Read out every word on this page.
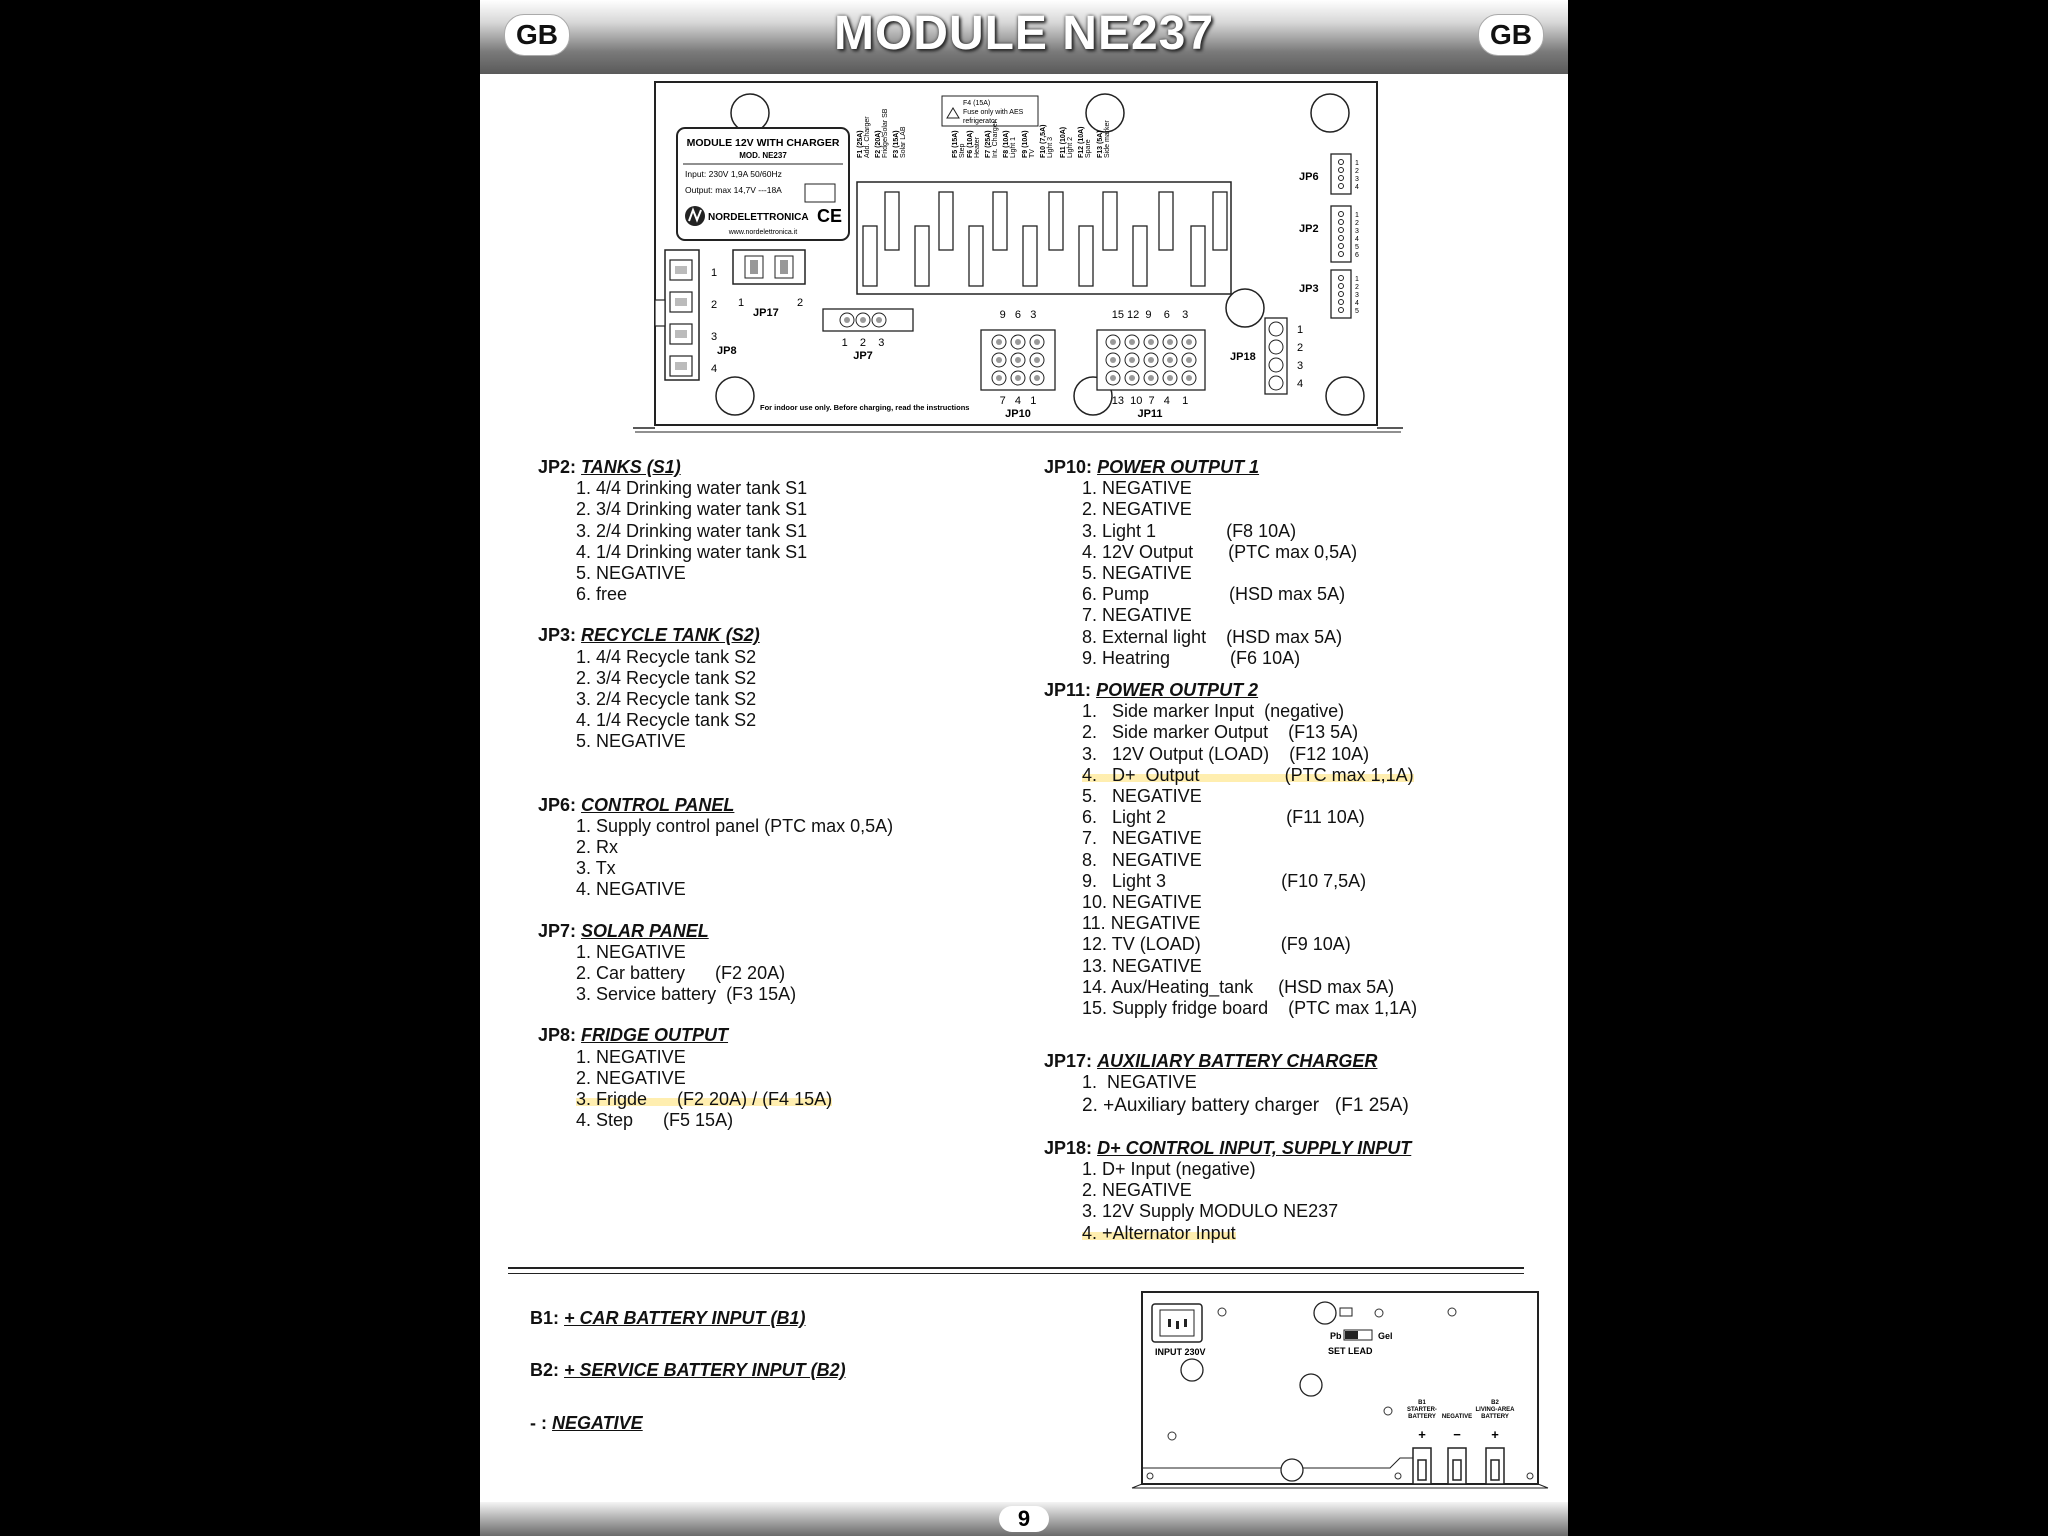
GB	MODULE NE237	GB
MODULE 12V WITH CHARGER
MOD. NE237
Input: 230V 1,9A 50/60Hz
Output: max 14,7V ---18A
NORDELETTRONICA CE
www.nordelettronica.it
F4 (15A)
Fuse only with AES
refrigerator
F1 (25A) Add. Charger F2 (20A) Fridge/Solar SB F3 (15A) Solar LAB	F5 (15A) Step F6 (10A) Heater F7 (25A) Int. Charger F8 (10A) Light 1 F9 (10A) TV F10 (7,5A) Light 3 F11 (10A) Light 2 F12 (10A) Spare F13 (5A) Side marker
JP6
JP2
JP3
1
2
3
4
1
2
3
4
5
6
1
2
3
4
5
1
2
3
4
JP8
1	2
JP17
1    2    3
JP7
9   6   3
7   4   1
JP10
15 12  9    6    3
13  10  7   4    1
JP11
JP18
1
2
3
4
For indoor use only. Before charging, read the instructions
JP2: TANKS (S1)
1. 4/4 Drinking water tank S1
2. 3/4 Drinking water tank S1
3. 2/4 Drinking water tank S1
4. 1/4 Drinking water tank S1
5. NEGATIVE
6. free
JP3: RECYCLE TANK (S2)
1. 4/4 Recycle tank S2
2. 3/4 Recycle tank S2
3. 2/4 Recycle tank S2
4. 1/4 Recycle tank S2
5. NEGATIVE
JP6: CONTROL PANEL
1. Supply control panel (PTC max 0,5A)
2. Rx
3. Tx
4. NEGATIVE
JP7: SOLAR PANEL
1. NEGATIVE
2. Car battery      (F2 20A)
3. Service battery  (F3 15A)
JP8: FRIDGE OUTPUT
1. NEGATIVE
2. NEGATIVE
3. Frigde      (F2 20A) / (F4 15A)
4. Step      (F5 15A)
JP10: POWER OUTPUT 1
1. NEGATIVE
2. NEGATIVE
3. Light 1              (F8 10A)
4. 12V Output       (PTC max 0,5A)
5. NEGATIVE
6. Pump                (HSD max 5A)
7. NEGATIVE
8. External light    (HSD max 5A)
9. Heatring            (F6 10A)
JP11: POWER OUTPUT 2
1.   Side marker Input  (negative)
2.   Side marker Output    (F13 5A)
3.   12V Output (LOAD)    (F12 10A)
4.   D+  Output                 (PTC max 1,1A)
5.   NEGATIVE
6.   Light 2                        (F11 10A)
7.   NEGATIVE
8.   NEGATIVE
9.   Light 3                       (F10 7,5A)
10. NEGATIVE
11. NEGATIVE
12. TV (LOAD)                (F9 10A)
13. NEGATIVE
14. Aux/Heating_tank     (HSD max 5A)
15. Supply fridge board    (PTC max 1,1A)
JP17: AUXILIARY BATTERY CHARGER
1.  NEGATIVE
2. +Auxiliary battery charger   (F1 25A)
JP18: D+ CONTROL INPUT, SUPPLY INPUT
1. D+ Input (negative)
2. NEGATIVE
3. 12V Supply MODULO NE237
4. +Alternator Input
B1: + CAR BATTERY INPUT (B1)
B2: + SERVICE BATTERY INPUT (B2)
- : NEGATIVE
INPUT 230V
Pb	Gel
SET LEAD
B1
STARTER-
BATTERY NEGATIVE
B2
LIVING-AREA
BATTERY
+ − +
9
